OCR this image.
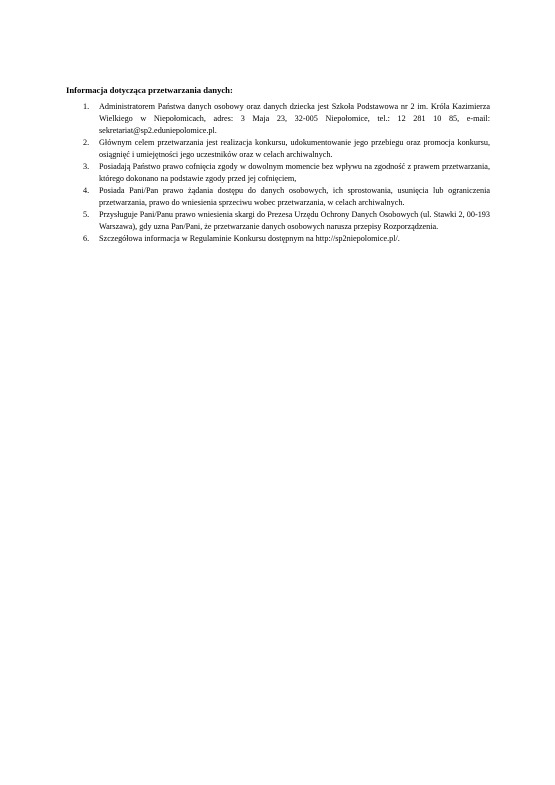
Informacja dotycząca przetwarzania danych:
1.	Administratorem Państwa danych osobowy oraz danych dziecka jest Szkoła Podstawowa nr 2 im. Króla Kazimierza Wielkiego w Niepołomicach, adres: 3 Maja 23, 32-005 Niepołomice, tel.: 12 281 10 85, e-mail: sekretariat@sp2.eduniepolomice.pl.
2.	Głównym celem przetwarzania jest realizacja konkursu, udokumentowanie jego przebiegu oraz promocja konkursu, osiągnięć i umiejętności jego uczestników oraz w celach archiwalnych.
3.	Posiadają Państwo prawo cofnięcia zgody w dowolnym momencie bez wpływu na zgodność z prawem przetwarzania, którego dokonano na podstawie zgody przed jej cofnięciem,
4.	Posiada Pani/Pan prawo żądania dostępu do danych osobowych, ich sprostowania, usunięcia lub ograniczenia przetwarzania, prawo do wniesienia sprzeciwu wobec przetwarzania, w celach archiwalnych.
5.	Przysługuje Pani/Panu prawo wniesienia skargi do Prezesa Urzędu Ochrony Danych Osobowych (ul. Stawki 2, 00-193 Warszawa), gdy uzna Pan/Pani, że przetwarzanie danych osobowych narusza przepisy Rozporządzenia.
6.	Szczegółowa informacja w Regulaminie Konkursu dostępnym na http://sp2niepolomice.pl/.
